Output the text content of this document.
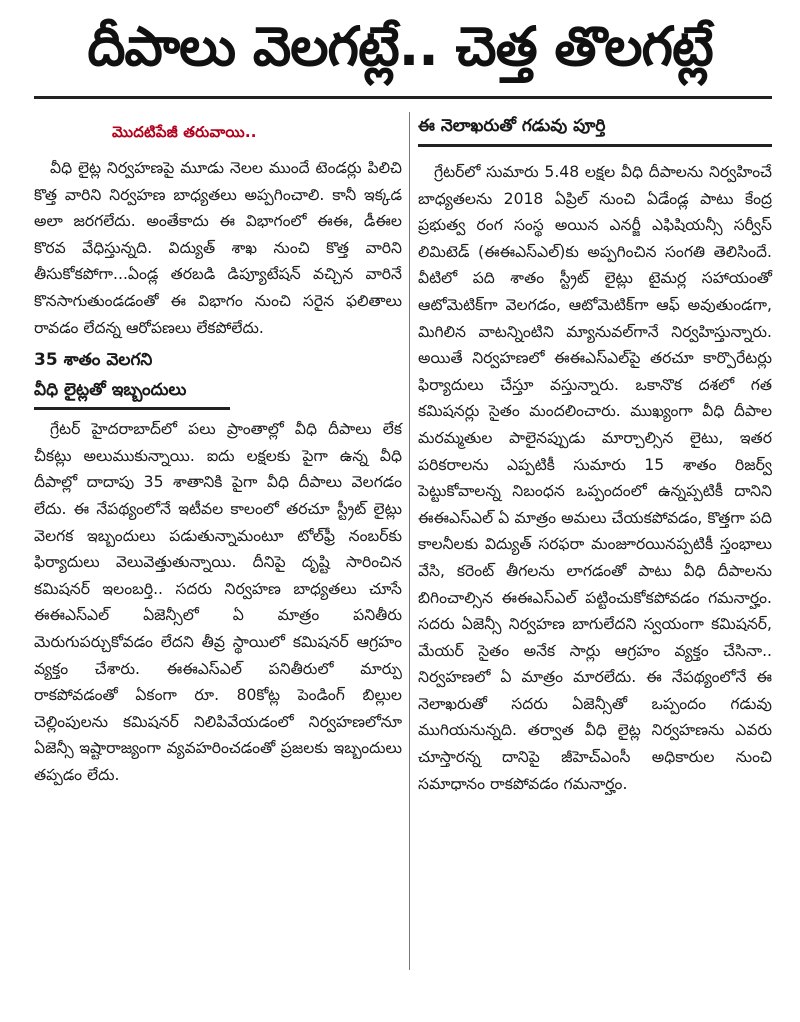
దీపాలు వెలగట్లే.. చెత్త తొలగట్లే
మొదటిపేజీ తరువాయి..

వీధి లైట్ల నిర్వహణపై మూడు నెలల ముందే టెండర్లు పిలిచి కొత్త వారిని నిర్వహణ బాధ్యతలు అప్పగించాలి. కానీ ఇక్కడ అలా జరగలేదు. అంతేకాదు ఈ విభాగంలో ఈఈ, డీఈల కొరవ వేధిస్తున్నది. విద్యుత్ శాఖ నుంచి కొత్త వారిని తీసుకోకపోగా...ఏండ్ల తరబడి డిప్యూటేషన్ వచ్చిన వారినే కొనసాగుతుండడంతో ఈ విభాగం నుంచి సరైన ఫలితాలు రావడం లేదన్న ఆరోపణలు లేకపోలేదు.

35 శాతం వెలగని
వీధి లైట్లతో ఇబ్బందులు

గ్రేటర్ హైదరాబాద్‌లో పలు ప్రాంతాల్లో వీధి దీపాలు లేక చీకట్లు అలుముకున్నాయి. ఐదు లక్షలకు పైగా ఉన్న వీధి దీపాల్లో దాదాపు 35 శాతానికి పైగా వీధి దీపాలు వెలగడం లేదు. ఈ నేపథ్యంలోనే ఇటీవల కాలంలో తరచూ స్ట్రీట్ లైట్లు వెలగక ఇబ్బందులు పడుతున్నామంటూ టోల్‌ఫ్రీ నంబర్‌కు ఫిర్యాదులు వెలువెత్తుతున్నాయి. దీనిపై దృష్టి సారించిన కమిషనర్ ఇలంబర్తి.. సదరు నిర్వహణ బాధ్యతలు చూసే ఈఈఎస్ఎల్ ఏజెన్సీలో ఏ మాత్రం పనితీరు మెరుగుపర్చుకోవడం లేదని తీవ్ర స్థాయిలో కమిషనర్ ఆగ్రహం వ్యక్తం చేశారు. ఈఈఎస్ఎల్ పనితీరులో మార్పు రాకపోవడంతో ఏకంగా రూ. 80కోట్ల పెండింగ్ బిల్లుల చెల్లింపులను కమిషనర్ నిలిపివేయడంలో నిర్వహణలోనూ ఏజెన్సీ ఇష్టారాజ్యంగా వ్యవహరించడంతో ప్రజలకు ఇబ్బందులు తప్పడం లేదు.

ఈ నెలాఖరుతో గడువు పూర్తి

గ్రేటర్‌లో సుమారు 5.48 లక్షల వీధి దీపాలను నిర్వహించే బాధ్యతలను 2018 ఏప్రిల్ నుంచి ఏడేండ్ల పాటు కేంద్ర ప్రభుత్వ రంగ సంస్థ అయిన ఎనర్జీ ఎఫిషియన్సీ సర్వీస్ లిమిటెడ్ (ఈఈఎస్ఎల్)కు అప్పగించిన సంగతి తెలిసిందే. వీటిలో పది శాతం స్ట్రీట్ లైట్లు టైమర్ల సహాయంతో ఆటోమెటిక్‌గా వెలగడం, ఆటోమెటిక్‌గా ఆఫ్ అవుతుండగా, మిగిలిన వాటన్నింటిని మ్యానువల్‌గానే నిర్వహిస్తున్నారు. అయితే నిర్వహణలో ఈఈఎస్ఎల్‌పై తరచూ కార్పొరేటర్లు ఫిర్యాదులు చేస్తూ వస్తున్నారు. ఒకానొక దశలో గత కమిషనర్లు సైతం మందలించారు. ముఖ్యంగా వీధి దీపాల మరమ్మతుల పాలైనప్పుడు మార్చాల్సిన లైటు, ఇతర పరికరాలను ఎప్పటికీ సుమారు 15 శాతం రిజర్వ్ పెట్టుకోవాలన్న నిబంధన ఒప్పందంలో ఉన్నప్పటికీ దానిని ఈఈఎస్ఎల్ ఏ మాత్రం అమలు చేయకపోవడం, కొత్తగా పది కాలనీలకు విద్యుత్ సరఫరా మంజూరయినప్పటికీ స్తంభాలు వేసి, కరెంట్ తీగలను లాగడంతో పాటు వీధి దీపాలను బిగించాల్సిన ఈఈఎస్ఎల్ పట్టించుకోకపోవడం గమనార్హం. సదరు ఏజెన్సీ నిర్వహణ బాగులేదని స్వయంగా కమిషనర్, మేయర్ సైతం అనేక సార్లు ఆగ్రహం వ్యక్తం చేసినా.. నిర్వహణలో ఏ మాత్రం మారలేదు. ఈ నేపథ్యంలోనే ఈ నెలాఖరుతో సదరు ఏజెన్సీతో ఒప్పందం గడువు ముగియనున్నది. తర్వాత వీధి లైట్ల నిర్వహణను ఎవరు చూస్తారన్న దానిపై జీహెచ్ఎంసీ అధికారుల నుంచి సమాధానం రాకపోవడం గమనార్హం.
